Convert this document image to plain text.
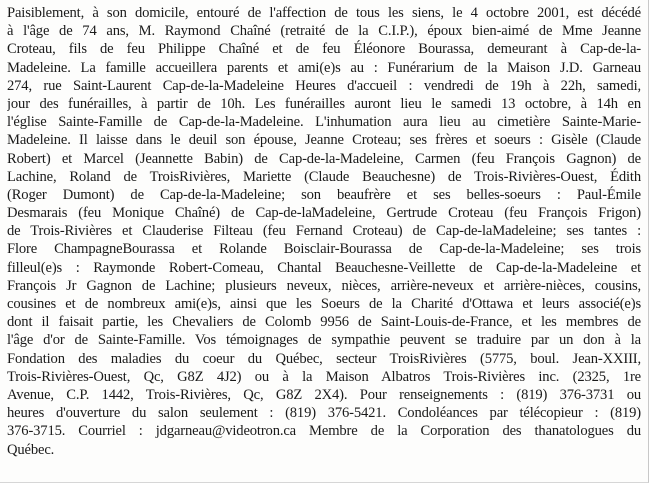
Paisiblement, à son domicile, entouré de l'affection de tous les siens, le 4 octobre 2001, est décédé
à l'âge de 74 ans, M. Raymond Chaîné (retraité de la C.I.P.), époux bien-aimé de Mme Jeanne
Croteau, fils de feu Philippe Chaîné et de feu Éléonore Bourassa, demeurant à Cap-de-la-
Madeleine. La famille accueillera parents et ami(e)s au : Funérarium de la Maison J.D. Garneau
274, rue Saint-Laurent Cap-de-la-Madeleine Heures d'accueil : vendredi de 19h à 22h, samedi,
jour des funérailles, à partir de 10h. Les funérailles auront lieu le samedi 13 octobre, à 14h en
l'église Sainte-Famille de Cap-de-la-Madeleine. L'inhumation aura lieu au cimetière Sainte-Marie-
Madeleine. Il laisse dans le deuil son épouse, Jeanne Croteau; ses frères et soeurs : Gisèle (Claude
Robert) et Marcel (Jeannette Babin) de Cap-de-la-Madeleine, Carmen (feu François Gagnon) de
Lachine, Roland de TroisRivières, Mariette (Claude Beauchesne) de Trois-Rivières-Ouest, Édith
(Roger Dumont) de Cap-de-la-Madeleine; son beaufrère et ses belles-soeurs : Paul-Émile
Desmarais (feu Monique Chaîné) de Cap-de-laMadeleine, Gertrude Croteau (feu François Frigon)
de Trois-Rivières et Clauderise Filteau (feu Fernand Croteau) de Cap-de-laMadeleine; ses tantes :
Flore ChampagneBourassa et Rolande Boisclair-Bourassa de Cap-de-la-Madeleine; ses trois
filleul(e)s : Raymonde Robert-Comeau, Chantal Beauchesne-Veillette de Cap-de-la-Madeleine et
François Jr Gagnon de Lachine; plusieurs neveux, nièces, arrière-neveux et arrière-nièces, cousins,
cousines et de nombreux ami(e)s, ainsi que les Soeurs de la Charité d'Ottawa et leurs associé(e)s
dont il faisait partie, les Chevaliers de Colomb 9956 de Saint-Louis-de-France, et les membres de
l'âge d'or de Sainte-Famille. Vos témoignages de sympathie peuvent se traduire par un don à la
Fondation des maladies du coeur du Québec, secteur TroisRivières (5775, boul. Jean-XXIII,
Trois-Rivières-Ouest, Qc, G8Z 4J2) ou à la Maison Albatros Trois-Rivières inc. (2325, 1re
Avenue, C.P. 1442, Trois-Rivières, Qc, G8Z 2X4). Pour renseignements : (819) 376-3731 ou
heures d'ouverture du salon seulement : (819) 376-5421. Condoléances par télécopieur : (819)
376-3715. Courriel : jdgarneau@videotron.ca Membre de la Corporation des thanatologues du
Québec.
